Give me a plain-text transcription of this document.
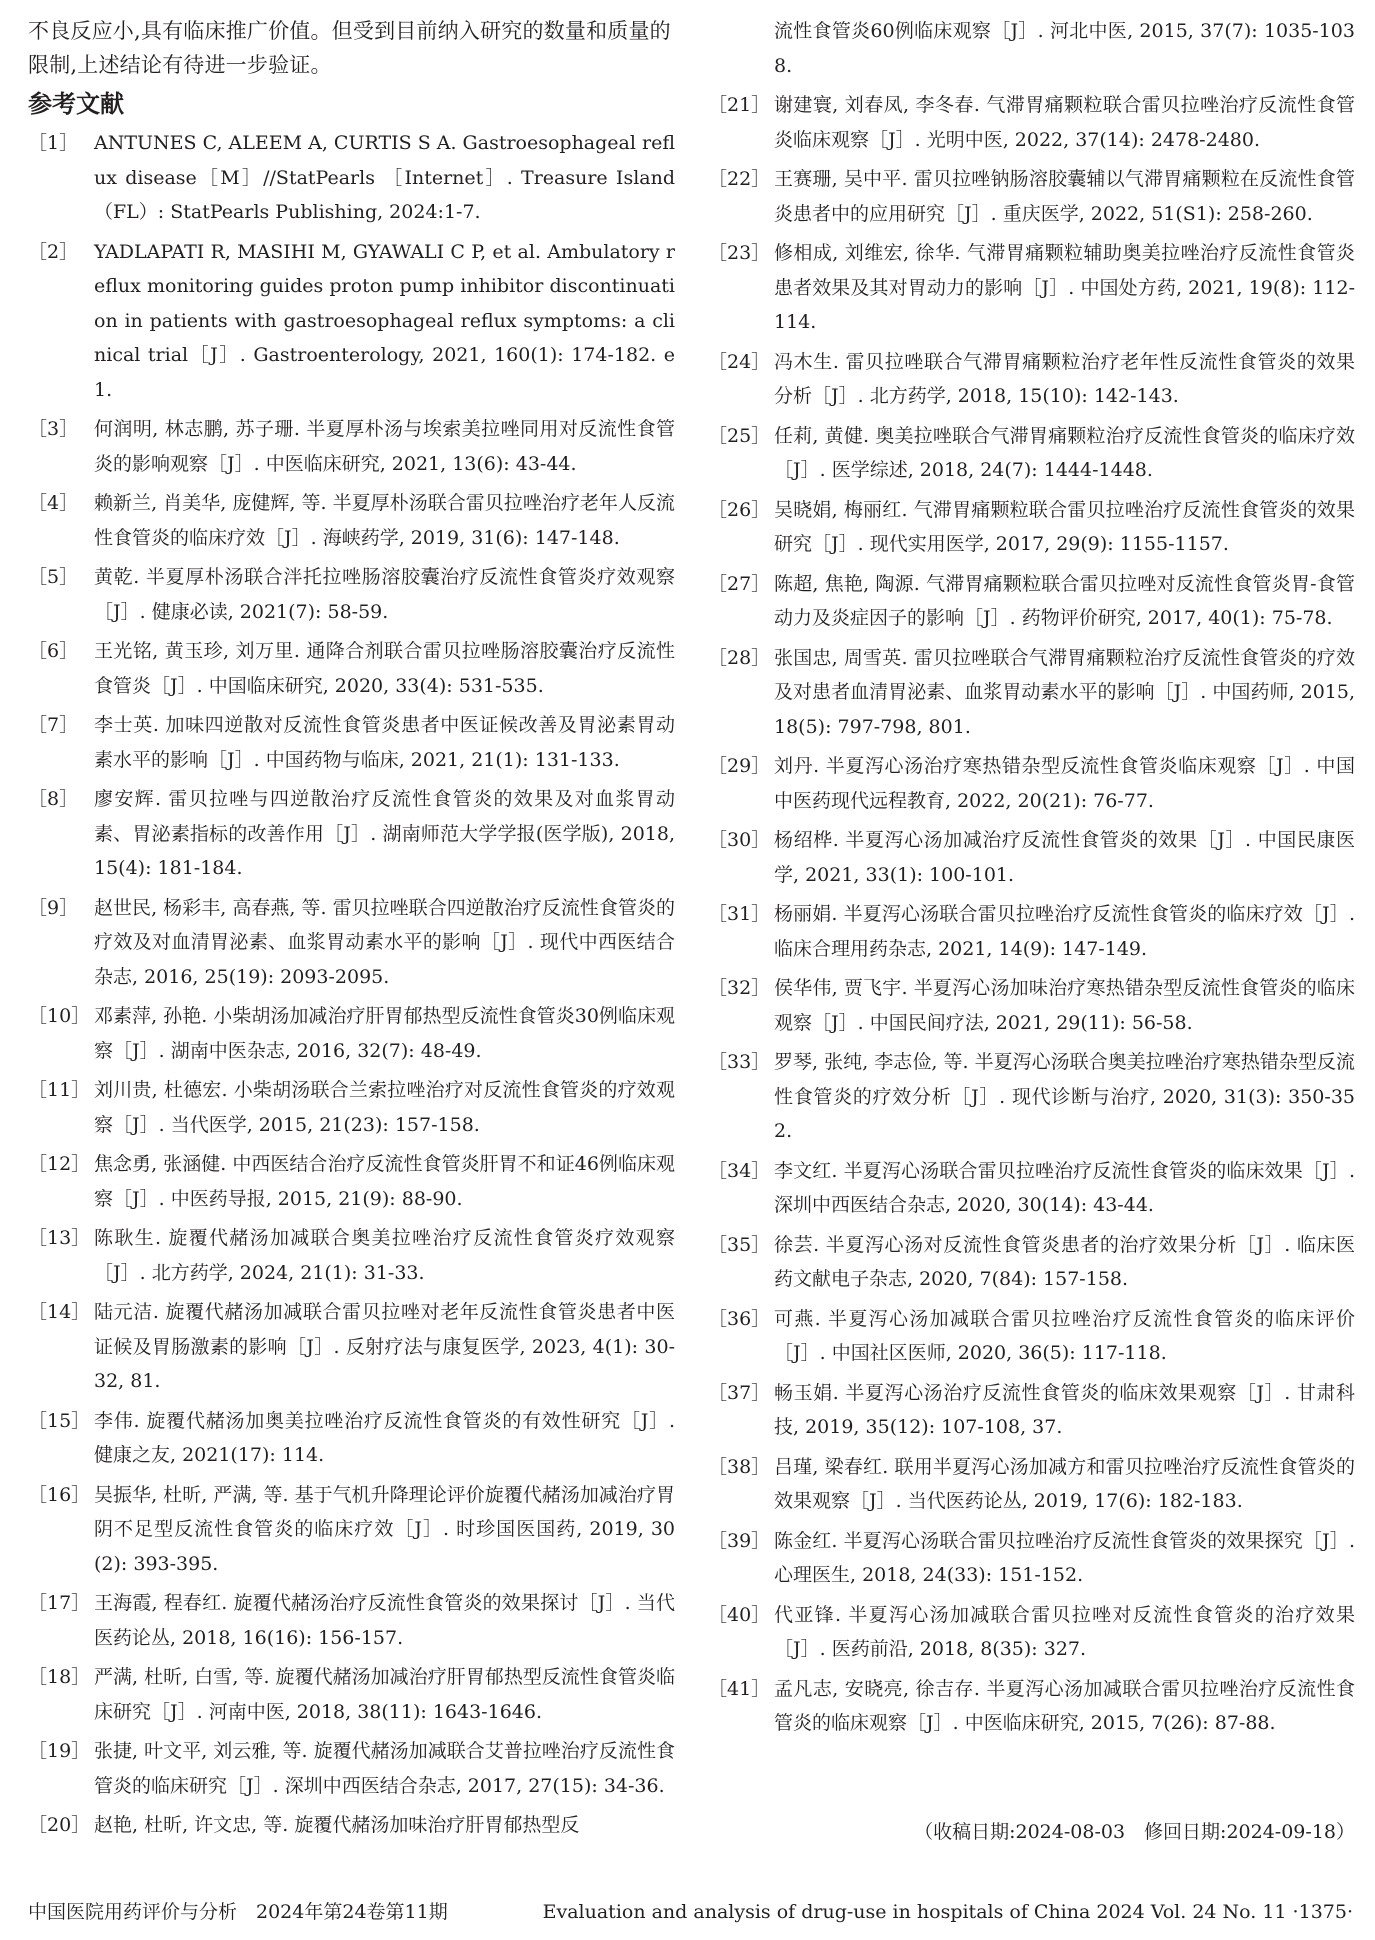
不良反应小,具有临床推广价值。但受到目前纳入研究的数量和质量的限制,上述结论有待进一步验证。

参考文献
［1］ ANTUNES C, ALEEM A, CURTIS S A. Gastroesophageal reflux disease［M］//StatPearls ［Internet］. Treasure Island （FL）: StatPearls Publishing, 2024:1-7.
［2］ YADLAPATI R, MASIHI M, GYAWALI C P, et al. Ambulatory reflux monitoring guides proton pump inhibitor discontinuation in patients with gastroesophageal reflux symptoms: a clinical trial［J］. Gastroenterology, 2021, 160(1): 174-182. e1.
［3］ 何润明, 林志鹏, 苏子珊. 半夏厚朴汤与埃索美拉唑同用对反流性食管炎的影响观察［J］. 中医临床研究, 2021, 13(6): 43-44.
［4］ 赖新兰, 肖美华, 庞健辉, 等. 半夏厚朴汤联合雷贝拉唑治疗老年人反流性食管炎的临床疗效［J］. 海峡药学, 2019, 31(6): 147-148.
［5］ 黄乾. 半夏厚朴汤联合泮托拉唑肠溶胶囊治疗反流性食管炎疗效观察［J］. 健康必读, 2021(7): 58-59.
［6］ 王光铭, 黄玉珍, 刘万里. 通降合剂联合雷贝拉唑肠溶胶囊治疗反流性食管炎［J］. 中国临床研究, 2020, 33(4): 531-535.
［7］ 李士英. 加味四逆散对反流性食管炎患者中医证候改善及胃泌素胃动素水平的影响［J］. 中国药物与临床, 2021, 21(1): 131-133.
［8］ 廖安辉. 雷贝拉唑与四逆散治疗反流性食管炎的效果及对血浆胃动素、胃泌素指标的改善作用［J］. 湖南师范大学学报(医学版), 2018, 15(4): 181-184.
［9］ 赵世民, 杨彩丰, 高春燕, 等. 雷贝拉唑联合四逆散治疗反流性食管炎的疗效及对血清胃泌素、血浆胃动素水平的影响［J］. 现代中西医结合杂志, 2016, 25(19): 2093-2095.
［10］ 邓素萍, 孙艳. 小柴胡汤加减治疗肝胃郁热型反流性食管炎30例临床观察［J］. 湖南中医杂志, 2016, 32(7): 48-49.
［11］ 刘川贵, 杜德宏. 小柴胡汤联合兰索拉唑治疗对反流性食管炎的疗效观察［J］. 当代医学, 2015, 21(23): 157-158.
［12］ 焦念勇, 张涵健. 中西医结合治疗反流性食管炎肝胃不和证46例临床观察［J］. 中医药导报, 2015, 21(9): 88-90.
［13］ 陈耿生. 旋覆代赭汤加减联合奥美拉唑治疗反流性食管炎疗效观察［J］. 北方药学, 2024, 21(1): 31-33.
［14］ 陆元洁. 旋覆代赭汤加减联合雷贝拉唑对老年反流性食管炎患者中医证候及胃肠激素的影响［J］. 反射疗法与康复医学, 2023, 4(1): 30-32, 81.
［15］ 李伟. 旋覆代赭汤加奥美拉唑治疗反流性食管炎的有效性研究［J］. 健康之友, 2021(17): 114.
［16］ 吴振华, 杜昕, 严满, 等. 基于气机升降理论评价旋覆代赭汤加减治疗胃阴不足型反流性食管炎的临床疗效［J］. 时珍国医国药, 2019, 30(2): 393-395.
［17］ 王海霞, 程春红. 旋覆代赭汤治疗反流性食管炎的效果探讨［J］. 当代医药论丛, 2018, 16(16): 156-157.
［18］ 严满, 杜昕, 白雪, 等. 旋覆代赭汤加减治疗肝胃郁热型反流性食管炎临床研究［J］. 河南中医, 2018, 38(11): 1643-1646.
［19］ 张捷, 叶文平, 刘云雅, 等. 旋覆代赭汤加减联合艾普拉唑治疗反流性食管炎的临床研究［J］. 深圳中西医结合杂志, 2017, 27(15): 34-36.
［20］ 赵艳, 杜昕, 许文忠, 等. 旋覆代赭汤加味治疗肝胃郁热型反
流性食管炎60例临床观察［J］. 河北中医, 2015, 37(7): 1035-1038.
［21］ 谢建寰, 刘春凤, 李冬春. 气滞胃痛颗粒联合雷贝拉唑治疗反流性食管炎临床观察［J］. 光明中医, 2022, 37(14): 2478-2480.
［22］ 王赛珊, 吴中平. 雷贝拉唑钠肠溶胶囊辅以气滞胃痛颗粒在反流性食管炎患者中的应用研究［J］. 重庆医学, 2022, 51(S1): 258-260.
［23］ 修相成, 刘维宏, 徐华. 气滞胃痛颗粒辅助奥美拉唑治疗反流性食管炎患者效果及其对胃动力的影响［J］. 中国处方药, 2021, 19(8): 112-114.
［24］ 冯木生. 雷贝拉唑联合气滞胃痛颗粒治疗老年性反流性食管炎的效果分析［J］. 北方药学, 2018, 15(10): 142-143.
［25］ 任莉, 黄健. 奥美拉唑联合气滞胃痛颗粒治疗反流性食管炎的临床疗效［J］. 医学综述, 2018, 24(7): 1444-1448.
［26］ 吴晓娟, 梅丽红. 气滞胃痛颗粒联合雷贝拉唑治疗反流性食管炎的效果研究［J］. 现代实用医学, 2017, 29(9): 1155-1157.
［27］ 陈超, 焦艳, 陶源. 气滞胃痛颗粒联合雷贝拉唑对反流性食管炎胃-食管动力及炎症因子的影响［J］. 药物评价研究, 2017, 40(1): 75-78.
［28］ 张国忠, 周雪英. 雷贝拉唑联合气滞胃痛颗粒治疗反流性食管炎的疗效及对患者血清胃泌素、血浆胃动素水平的影响［J］. 中国药师, 2015, 18(5): 797-798, 801.
［29］ 刘丹. 半夏泻心汤治疗寒热错杂型反流性食管炎临床观察［J］. 中国中医药现代远程教育, 2022, 20(21): 76-77.
［30］ 杨绍桦. 半夏泻心汤加减治疗反流性食管炎的效果［J］. 中国民康医学, 2021, 33(1): 100-101.
［31］ 杨丽娟. 半夏泻心汤联合雷贝拉唑治疗反流性食管炎的临床疗效［J］. 临床合理用药杂志, 2021, 14(9): 147-149.
［32］ 侯华伟, 贾飞宇. 半夏泻心汤加味治疗寒热错杂型反流性食管炎的临床观察［J］. 中国民间疗法, 2021, 29(11): 56-58.
［33］ 罗琴, 张纯, 李志俭, 等. 半夏泻心汤联合奥美拉唑治疗寒热错杂型反流性食管炎的疗效分析［J］. 现代诊断与治疗, 2020, 31(3): 350-352.
［34］ 李文红. 半夏泻心汤联合雷贝拉唑治疗反流性食管炎的临床效果［J］. 深圳中西医结合杂志, 2020, 30(14): 43-44.
［35］ 徐芸. 半夏泻心汤对反流性食管炎患者的治疗效果分析［J］. 临床医药文献电子杂志, 2020, 7(84): 157-158.
［36］ 可燕. 半夏泻心汤加减联合雷贝拉唑治疗反流性食管炎的临床评价［J］. 中国社区医师, 2020, 36(5): 117-118.
［37］ 畅玉娟. 半夏泻心汤治疗反流性食管炎的临床效果观察［J］. 甘肃科技, 2019, 35(12): 107-108, 37.
［38］ 吕瑾, 梁春红. 联用半夏泻心汤加减方和雷贝拉唑治疗反流性食管炎的效果观察［J］. 当代医药论丛, 2019, 17(6): 182-183.
［39］ 陈金红. 半夏泻心汤联合雷贝拉唑治疗反流性食管炎的效果探究［J］. 心理医生, 2018, 24(33): 151-152.
［40］ 代亚锋. 半夏泻心汤加减联合雷贝拉唑对反流性食管炎的治疗效果［J］. 医药前沿, 2018, 8(35): 327.
［41］ 孟凡志, 安晓亮, 徐吉存. 半夏泻心汤加减联合雷贝拉唑治疗反流性食管炎的临床观察［J］. 中医临床研究, 2015, 7(26): 87-88.
（收稿日期:2024-08-03　修回日期:2024-09-18）
中国医院用药评价与分析　2024年第24卷第11期	Evaluation and analysis of drug-use in hospitals of China 2024 Vol. 24 No. 11 ·1375·
